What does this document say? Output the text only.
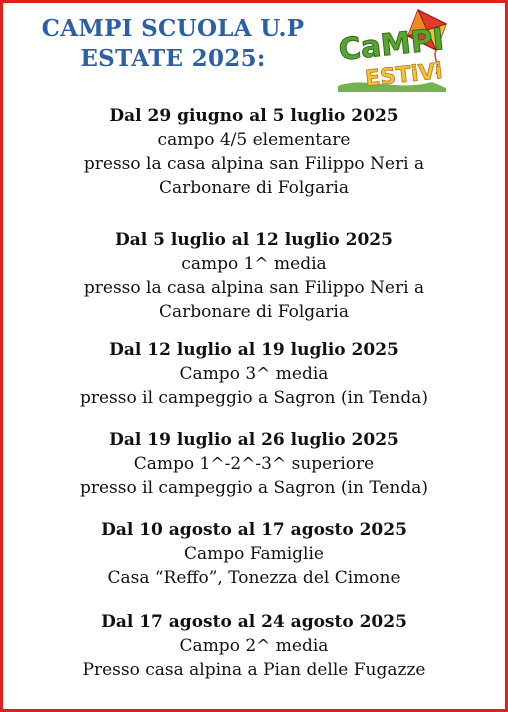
CAMPI SCUOLA U.P
ESTATE 2025:	CaMPI
ESTiVi

Dal 29 giugno al 5 luglio 2025

campo 4/5 elementare

presso la casa alpina san Filippo Neri a

Carbonare di Folgaria

Dal 5 luglio al 12 luglio 2025

campo 1^ media

presso la casa alpina san Filippo Neri a

Carbonare di Folgaria

Dal 12 luglio al 19 luglio 2025

Campo 3^ media

presso il campeggio a Sagron (in Tenda)

Dal 19 luglio al 26 luglio 2025

Campo 1^-2^-3^ superiore

presso il campeggio a Sagron (in Tenda)

Dal 10 agosto al 17 agosto 2025

Campo Famiglie

Casa “Reffo”, Tonezza del Cimone

Dal 17 agosto al 24 agosto 2025

Campo 2^ media

Presso casa alpina a Pian delle Fugazze
